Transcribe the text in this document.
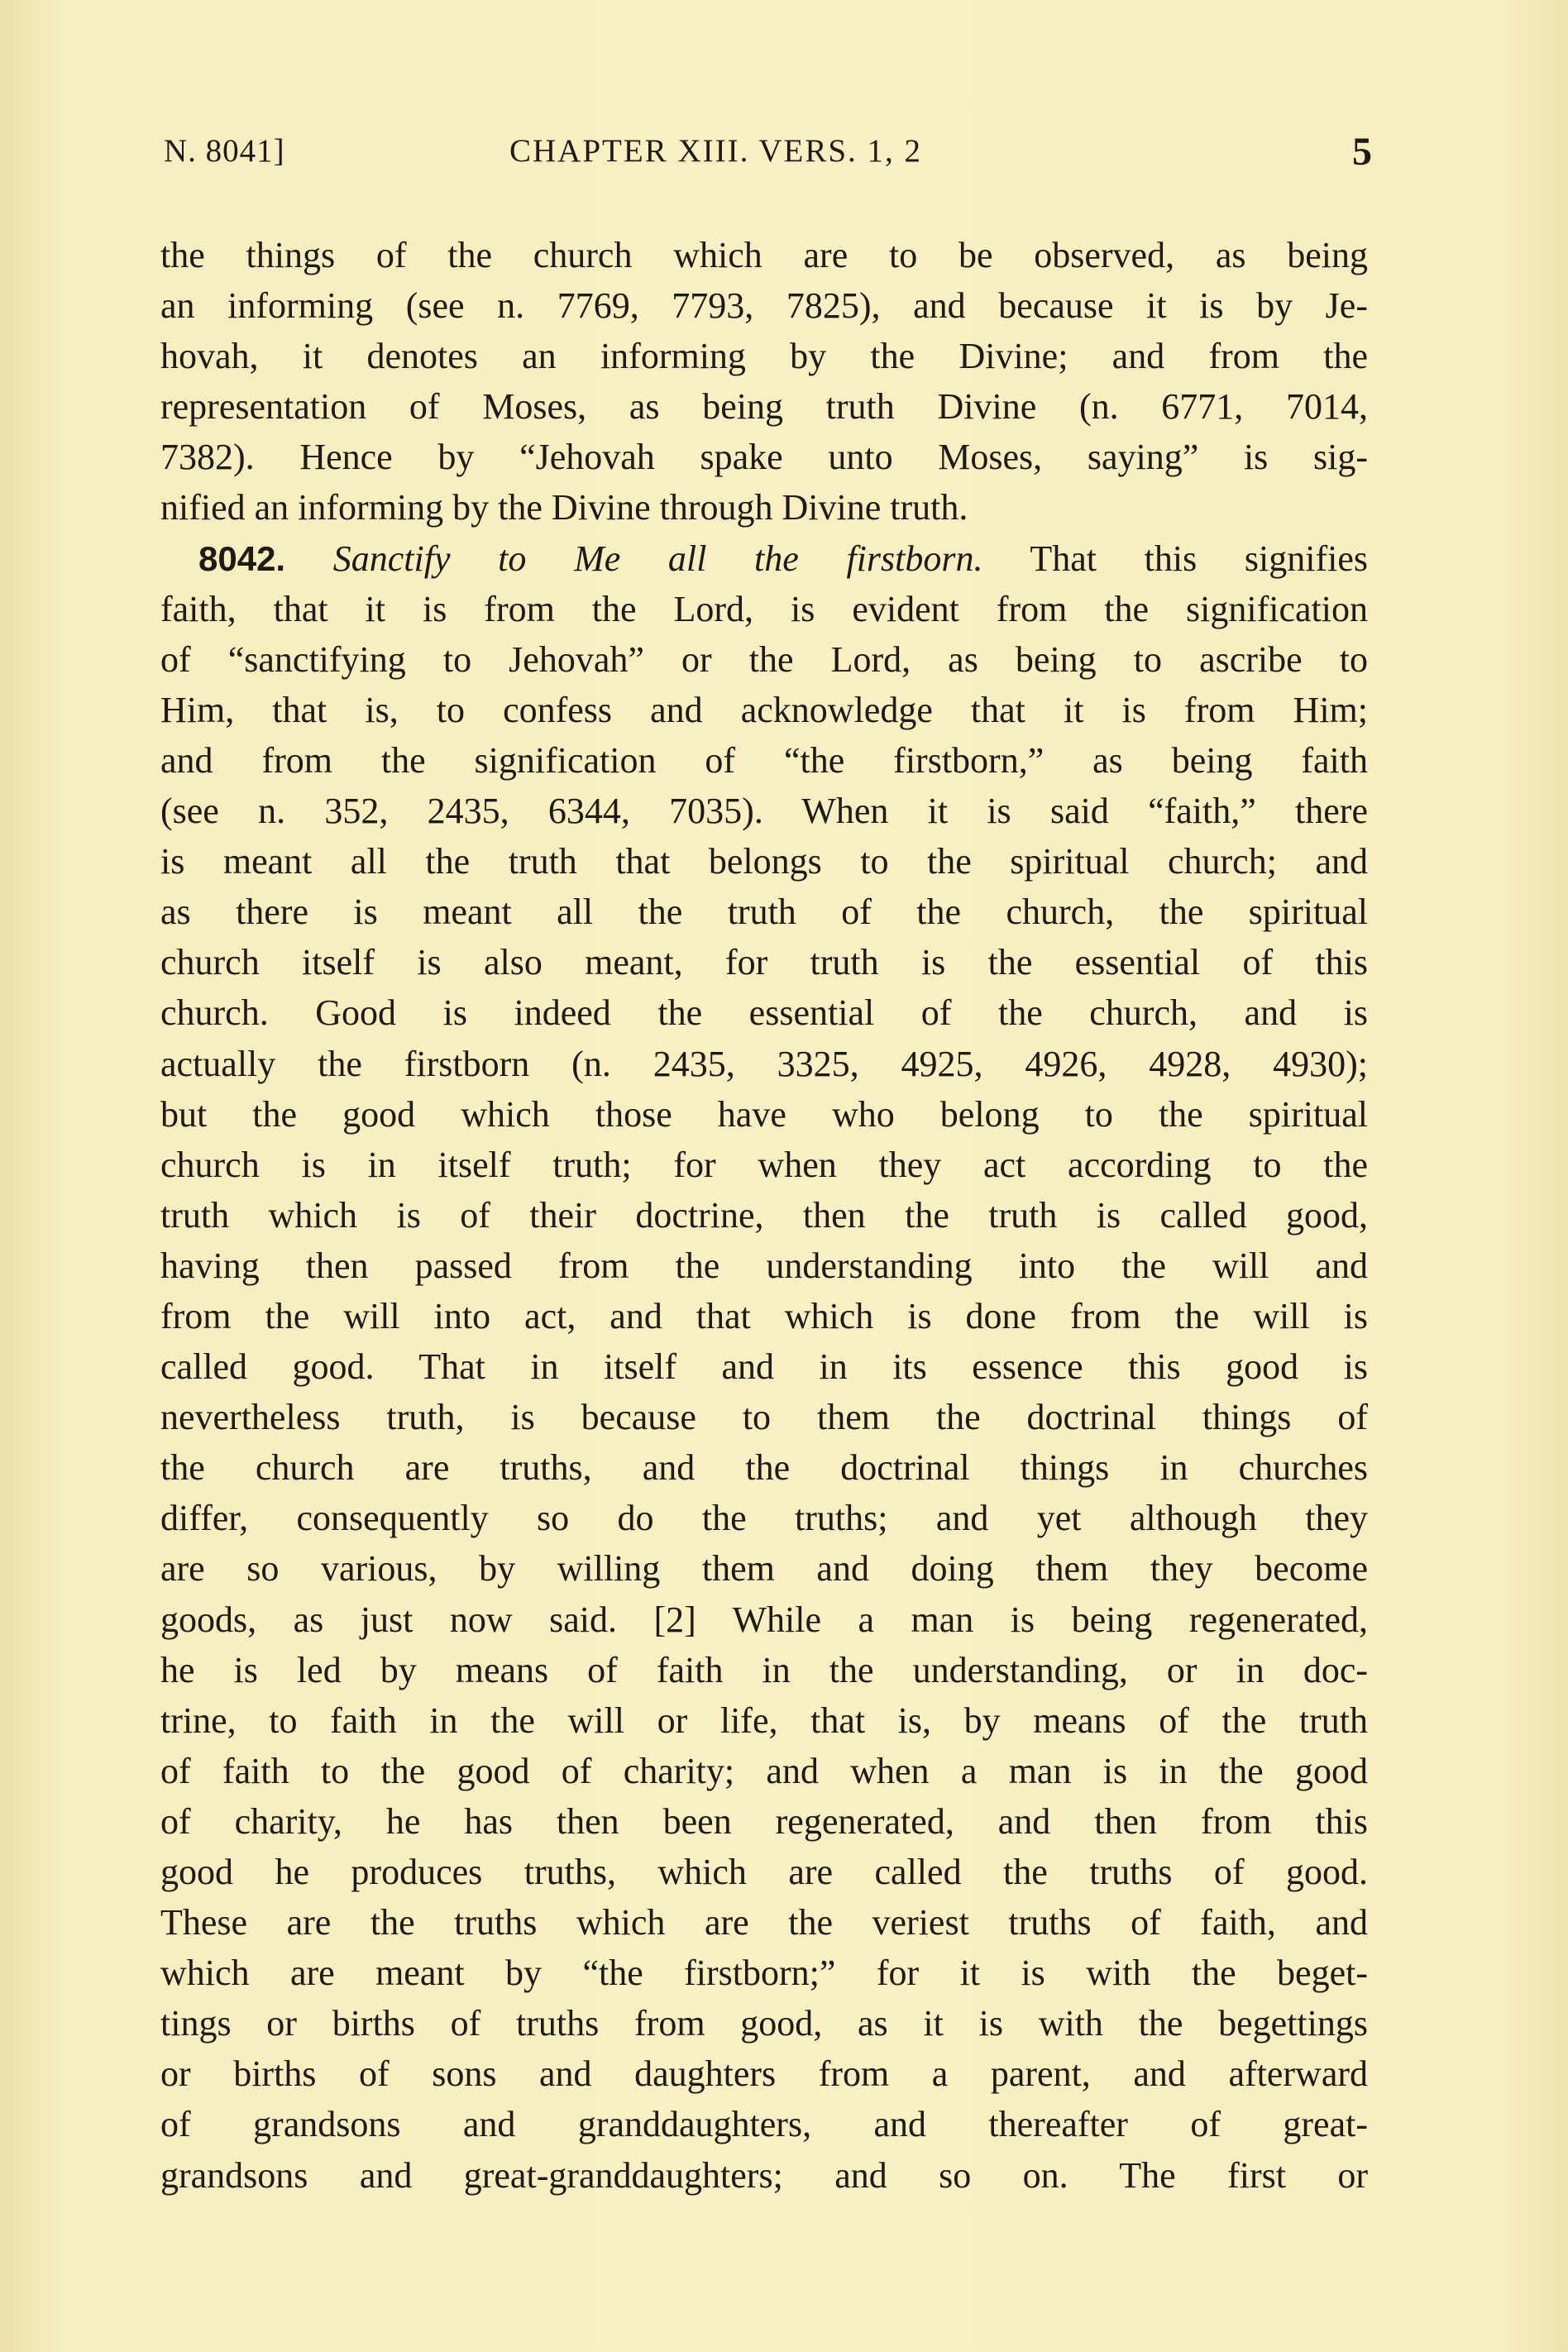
N. 8041]	CHAPTER XIII. VERS. 1, 2	5
the things of the church which are to be observed, as being
an informing (see n. 7769, 7793, 7825), and because it is by Je-
hovah, it denotes an informing by the Divine; and from the
representation of Moses, as being truth Divine (n. 6771, 7014,
7382). Hence by “Jehovah spake unto Moses, saying” is sig-
nified an informing by the Divine through Divine truth.
8042. Sanctify to Me all the firstborn. That this signifies
faith, that it is from the Lord, is evident from the signification
of “sanctifying to Jehovah” or the Lord, as being to ascribe to
Him, that is, to confess and acknowledge that it is from Him;
and from the signification of “the firstborn,” as being faith
(see n. 352, 2435, 6344, 7035). When it is said “faith,” there
is meant all the truth that belongs to the spiritual church; and
as there is meant all the truth of the church, the spiritual
church itself is also meant, for truth is the essential of this
church. Good is indeed the essential of the church, and is
actually the firstborn (n. 2435, 3325, 4925, 4926, 4928, 4930);
but the good which those have who belong to the spiritual
church is in itself truth; for when they act according to the
truth which is of their doctrine, then the truth is called good,
having then passed from the understanding into the will and
from the will into act, and that which is done from the will is
called good. That in itself and in its essence this good is
nevertheless truth, is because to them the doctrinal things of
the church are truths, and the doctrinal things in churches
differ, consequently so do the truths; and yet although they
are so various, by willing them and doing them they become
goods, as just now said. [2] While a man is being regenerated,
he is led by means of faith in the understanding, or in doc-
trine, to faith in the will or life, that is, by means of the truth
of faith to the good of charity; and when a man is in the good
of charity, he has then been regenerated, and then from this
good he produces truths, which are called the truths of good.
These are the truths which are the veriest truths of faith, and
which are meant by “the firstborn;” for it is with the beget-
tings or births of truths from good, as it is with the begettings
or births of sons and daughters from a parent, and afterward
of grandsons and granddaughters, and thereafter of great-
grandsons and great-granddaughters; and so on. The first or
